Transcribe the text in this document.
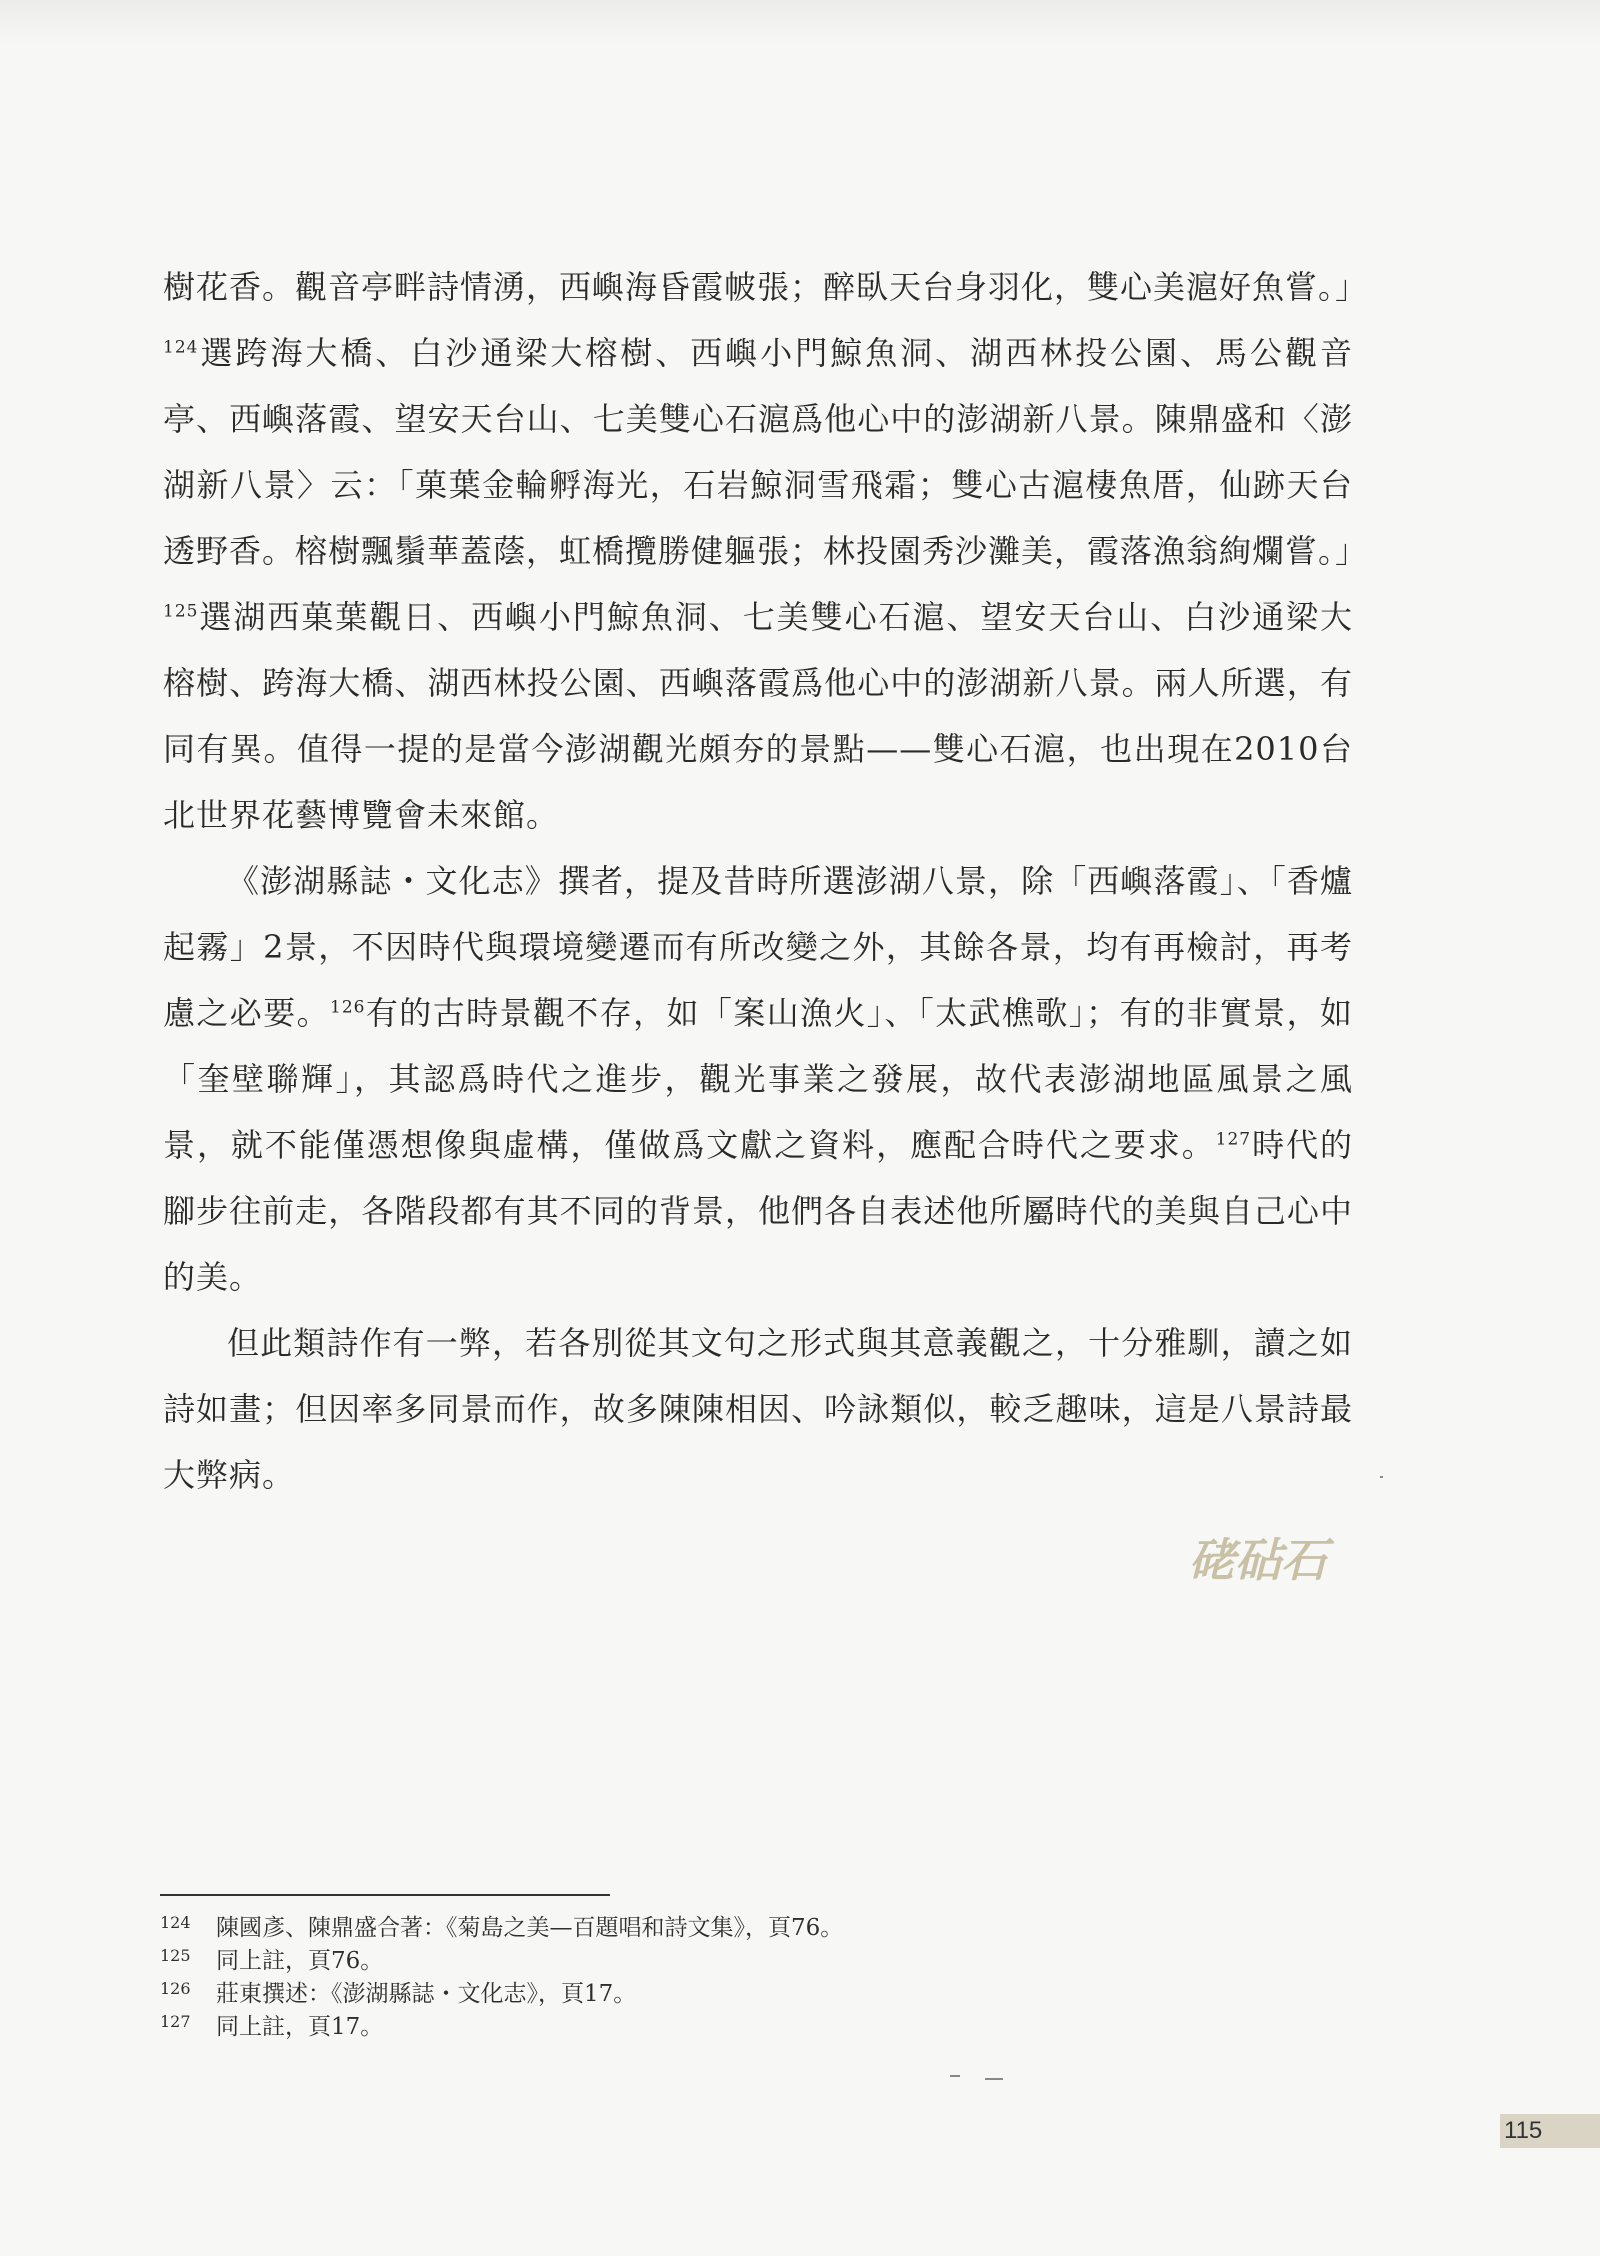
樹花香。觀音亭畔詩情湧，西嶼海昏霞帔張；醉臥天台身羽化，雙心美滬好魚嘗。」$^{124}$選跨海大橋、白沙通梁大榕樹、西嶼小門鯨魚洞、湖西林投公園、馬公觀音亭、西嶼落霞、望安天台山、七美雙心石滬爲他心中的澎湖新八景。陳鼎盛和〈澎湖新八景〉云：「菓葉金輪孵海光，石岩鯨洞雪飛霜；雙心古滬棲魚厝，仙跡天台透野香。榕樹飄鬚華蓋蔭，虹橋攬勝健軀張；林投園秀沙灘美，霞落漁翁絢爛嘗。」$^{125}$選湖西菓葉觀日、西嶼小門鯨魚洞、七美雙心石滬、望安天台山、白沙通梁大榕樹、跨海大橋、湖西林投公園、西嶼落霞爲他心中的澎湖新八景。兩人所選，有同有異。值得一提的是當今澎湖觀光頗夯的景點——雙心石滬，也出現在2010台北世界花藝博覽會未來館。

《澎湖縣誌・文化志》撰者，提及昔時所選澎湖八景，除「西嶼落霞」、「香爐起霧」2景，不因時代與環境變遷而有所改變之外，其餘各景，均有再檢討，再考慮之必要。$^{126}$有的古時景觀不存，如「案山漁火」、「太武樵歌」；有的非實景，如「奎壁聯輝」，其認爲時代之進步，觀光事業之發展，故代表澎湖地區風景之風景，就不能僅憑想像與虛構，僅做爲文獻之資料，應配合時代之要求。$^{127}$時代的腳步往前走，各階段都有其不同的背景，他們各自表述他所屬時代的美與自己心中的美。

但此類詩作有一弊，若各別從其文句之形式與其意義觀之，十分雅馴，讀之如詩如畫；但因率多同景而作，故多陳陳相因、吟詠類似，較乏趣味，這是八景詩最大弊病。

硓砧石
124 陳國彥、陳鼎盛合著：《菊島之美—百題唱和詩文集》，頁76。
125 同上註，頁76。
126 莊東撰述：《澎湖縣誌・文化志》，頁17。
127 同上註，頁17。
115
